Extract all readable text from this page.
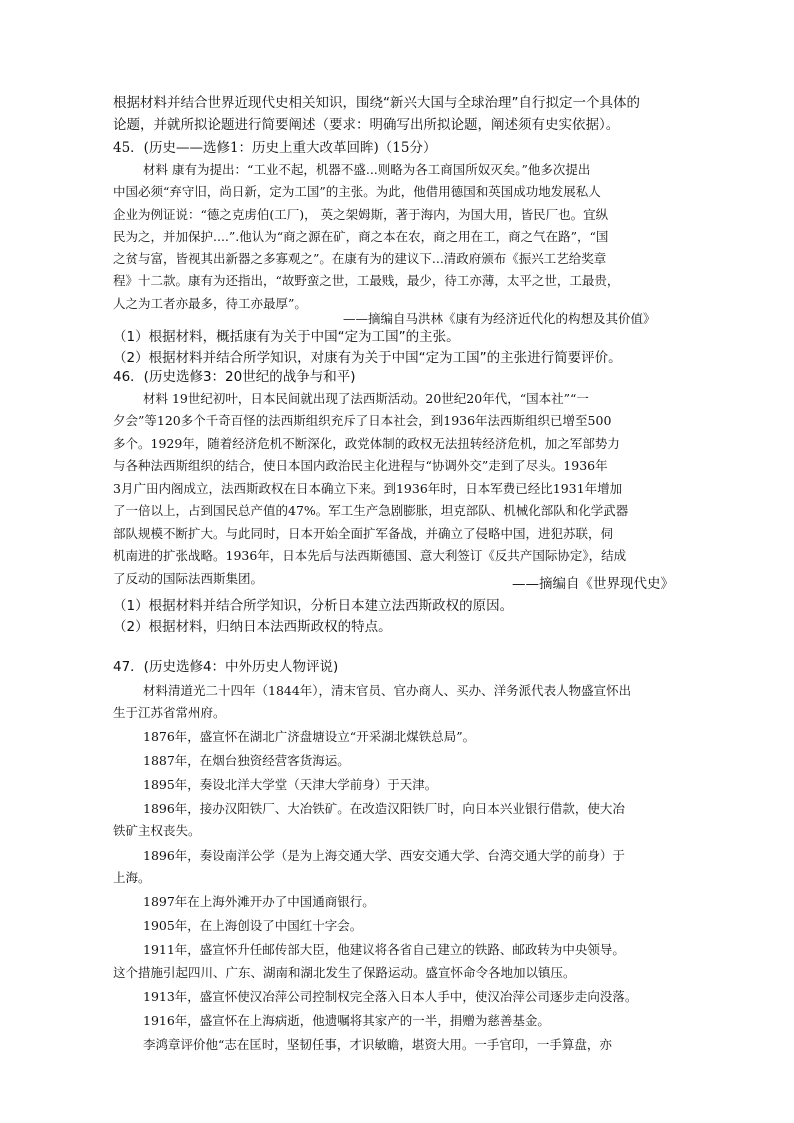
根据材料并结合世界近现代史相关知识，围绕“新兴大国与全球治理”自行拟定一个具体的
论题，并就所拟论题进行简要阐述（要求：明确写出所拟论题，阐述须有史实依据）。
45．(历史——选修1：历史上重大改革回眸)（15分）
材料 康有为提出：“工业不起，机器不盛...则略为各工商国所奴灭矣。”他多次提出
中国必须“弃守旧，尚日新，定为工国”的主张。为此，他借用德国和英国成功地发展私人
企业为例证说：“德之克虏伯(工厂)， 英之架姆斯，著于海内，为国大用，皆民厂也。宜纵
民为之，并加保护....”.他认为“商之源在矿，商之本在农，商之用在工，商之气在路”，“国
之贫与富，皆视其出新器之多寡观之”。在康有为的建议下...清政府颁布《振兴工艺给奖章
程》十二款。康有为还指出，“故野蛮之世，工最贱，最少，待工亦薄，太平之世，工最贵，
人之为工者亦最多，待工亦最厚”。
——摘编自马洪林《康有为经济近代化的构想及其价值》
（1）根据材料，概括康有为关于中国“定为工国”的主张。
（2）根据材料并结合所学知识，对康有为关于中国“定为工国”的主张进行简要评价。
46．(历史选修3：20世纪的战争与和平)
材料 19世纪初叶，日本民间就出现了法西斯活动。20世纪20年代，“国本社”“一
夕会”等120多个千奇百怪的法西斯组织充斥了日本社会，到1936年法西斯组织已增至500
多个。1929年，随着经济危机不断深化，政党体制的政权无法扭转经济危机，加之军部势力
与各种法西斯组织的结合，使日本国内政治民主化进程与“协调外交”走到了尽头。1936年
3月广田内阁成立，法西斯政权在日本确立下来。到1936年时，日本军费已经比1931年增加
了一倍以上，占到国民总产值的47%。军工生产急剧膨胀，坦克部队、机械化部队和化学武器
部队规模不断扩大。与此同时，日本开始全面扩军备战，并确立了侵略中国，进犯苏联，伺
机南进的扩张战略。1936年，日本先后与法西斯德国、意大利签订《反共产国际协定》，结成
了反动的国际法西斯集团。	——摘编自《世界现代史》
（1）根据材料并结合所学知识，分析日本建立法西斯政权的原因。
（2）根据材料，归纳日本法西斯政权的特点。
47．(历史选修4：中外历史人物评说)
材料清道光二十四年（1844年），清末官员、官办商人、买办、洋务派代表人物盛宣怀出
生于江苏省常州府。
1876年，盛宣怀在湖北广济盘塘设立“开采湖北煤铁总局”。
1887年，在烟台独资经营客货海运。
1895年，奏设北洋大学堂（天津大学前身）于天津。
1896年，接办汉阳铁厂、大冶铁矿。在改造汉阳铁厂时，向日本兴业银行借款，使大冶
铁矿主权丧失。
1896年，奏设南洋公学（是为上海交通大学、西安交通大学、台湾交通大学的前身）于
上海。
1897年在上海外滩开办了中国通商银行。
1905年，在上海创设了中国红十字会。
1911年，盛宣怀升任邮传部大臣，他建议将各省自己建立的铁路、邮政转为中央领导。
这个措施引起四川、广东、湖南和湖北发生了保路运动。盛宣怀命令各地加以镇压。
1913年，盛宣怀使汉冶萍公司控制权完全落入日本人手中，使汉冶萍公司逐步走向没落。
1916年，盛宣怀在上海病逝，他遗嘱将其家产的一半，捐赠为慈善基金。
李鸿章评价他“志在匡时，坚韧任事，才识敏瞻，堪资大用。一手官印，一手算盘，亦
